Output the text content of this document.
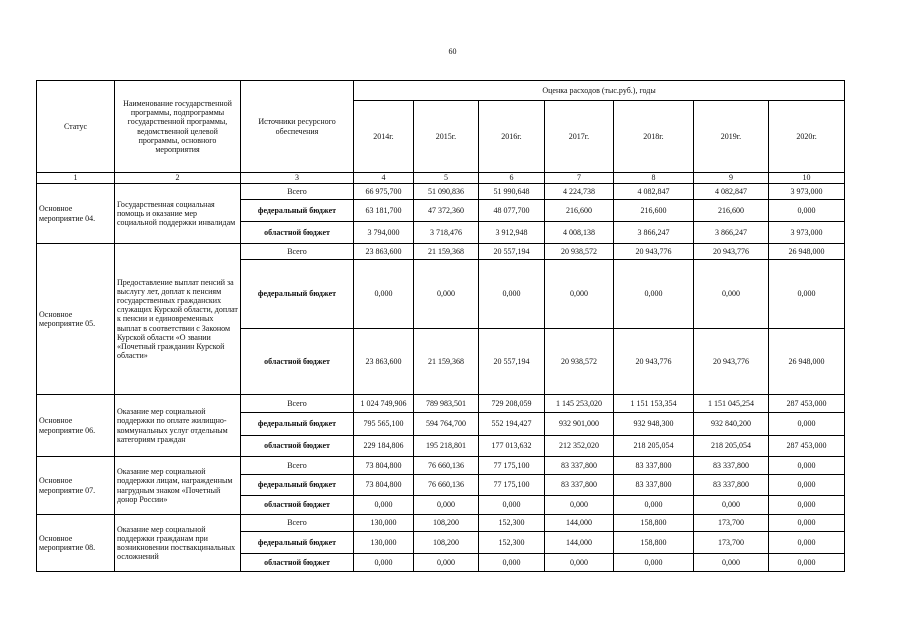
60
Статус	Наименование государственной программы, подпрограммы государственной программы, ведомственной целевой программы, основного мероприятия	Источники ресурсного обеспечения	Оценка расходов (тыс.руб.), годы						
			2014г.	2015г.	2016г.	2017г.	2018г.	2019г.	2020г.
1	2	3	4	5	6	7	8	9	10
Основное мероприятие 04.	Государственная социальная помощь и оказание мер социальной поддержки инвалидам	Всего	66 975,700	51 090,836	51 990,648	4 224,738	4 082,847	4 082,847	3 973,000
		федеральный бюджет	63 181,700	47 372,360	48 077,700	216,600	216,600	216,600	0,000
		областной бюджет	3 794,000	3 718,476	3 912,948	4 008,138	3 866,247	3 866,247	3 973,000
Основное мероприятие 05.	Предоставление выплат пенсий за выслугу лет, доплат к пенсиям государственных гражданских служащих Курской области, доплат к пенсии и единовременных выплат в соответствии с Законом Курской области «О звании «Почетный гражданин Курской области»	Всего	23 863,600	21 159,368	20 557,194	20 938,572	20 943,776	20 943,776	26 948,000
		федеральный бюджет	0,000	0,000	0,000	0,000	0,000	0,000	0,000
		областной бюджет	23 863,600	21 159,368	20 557,194	20 938,572	20 943,776	20 943,776	26 948,000
Основное мероприятие 06.	Оказание мер социальной поддержки по оплате жилищно-коммунальных услуг отдельным категориям граждан	Всего	1 024 749,906	789 983,501	729 208,059	1 145 253,020	1 151 153,354	1 151 045,254	287 453,000
		федеральный бюджет	795 565,100	594 764,700	552 194,427	932 901,000	932 948,300	932 840,200	0,000
		областной бюджет	229 184,806	195 218,801	177 013,632	212 352,020	218 205,054	218 205,054	287 453,000
Основное мероприятие 07.	Оказание мер социальной поддержки лицам, награжденным нагрудным знаком «Почетный донор России»	Всего	73 804,800	76 660,136	77 175,100	83 337,800	83 337,800	83 337,800	0,000
		федеральный бюджет	73 804,800	76 660,136	77 175,100	83 337,800	83 337,800	83 337,800	0,000
		областной бюджет	0,000	0,000	0,000	0,000	0,000	0,000	0,000
Основное мероприятие 08.	Оказание мер социальной поддержки гражданам при возникновении поствакцинальных осложнений	Всего	130,000	108,200	152,300	144,000	158,800	173,700	0,000
		федеральный бюджет	130,000	108,200	152,300	144,000	158,800	173,700	0,000
		областной бюджет	0,000	0,000	0,000	0,000	0,000	0,000	0,000
